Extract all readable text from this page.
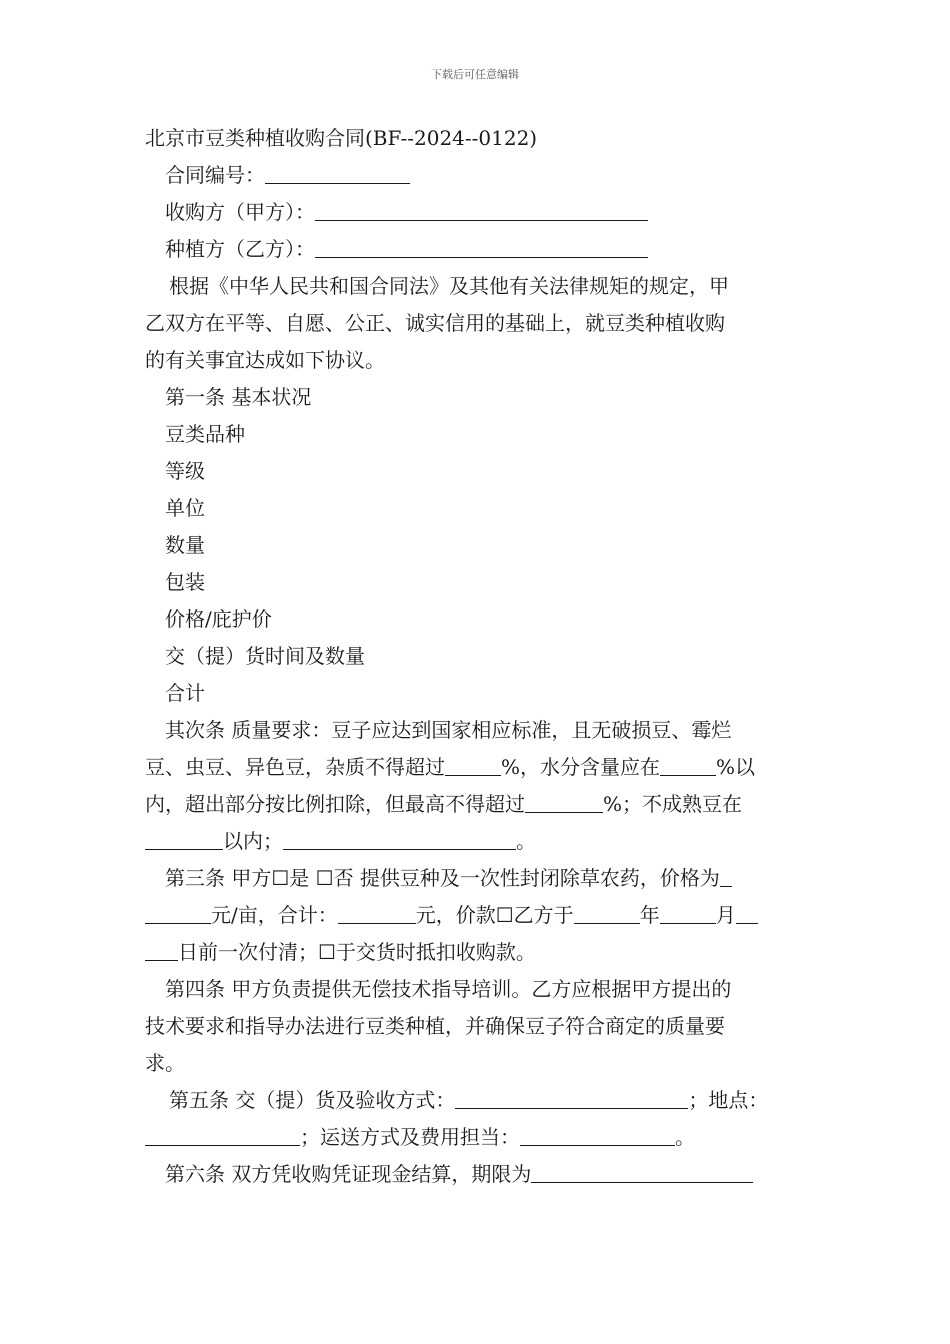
下载后可任意编辑
北京市豆类种植收购合同(BF--2024--0122)
合同编号：
收购方（甲方）：
种植方（乙方）：
根据《中华人民共和国合同法》及其他有关法律规矩的规定，甲
乙双方在平等、自愿、公正、诚实信用的基础上，就豆类种植收购
的有关事宜达成如下协议。
第一条 基本状况
豆类品种
等级
单位
数量
包装
价格/庇护价
交（提）货时间及数量
合计
其次条 质量要求：豆子应达到国家相应标准，且无破损豆、霉烂
豆、虫豆、异色豆，杂质不得超过	%，水分含量应在	%以
内，超出部分按比例扣除，但最高不得超过	%；不成熟豆在
以内；	。
第三条 甲方☐是 ☐否 提供豆种及一次性封闭除草农药，价格为
元/亩，合计：	元，价款☐乙方于	年	月
日前一次付清；☐于交货时抵扣收购款。
第四条 甲方负责提供无偿技术指导培训。乙方应根据甲方提出的
技术要求和指导办法进行豆类种植，并确保豆子符合商定的质量要
求。
第五条 交（提）货及验收方式：	；地点：
；运送方式及费用担当：	。
第六条 双方凭收购凭证现金结算，期限为
